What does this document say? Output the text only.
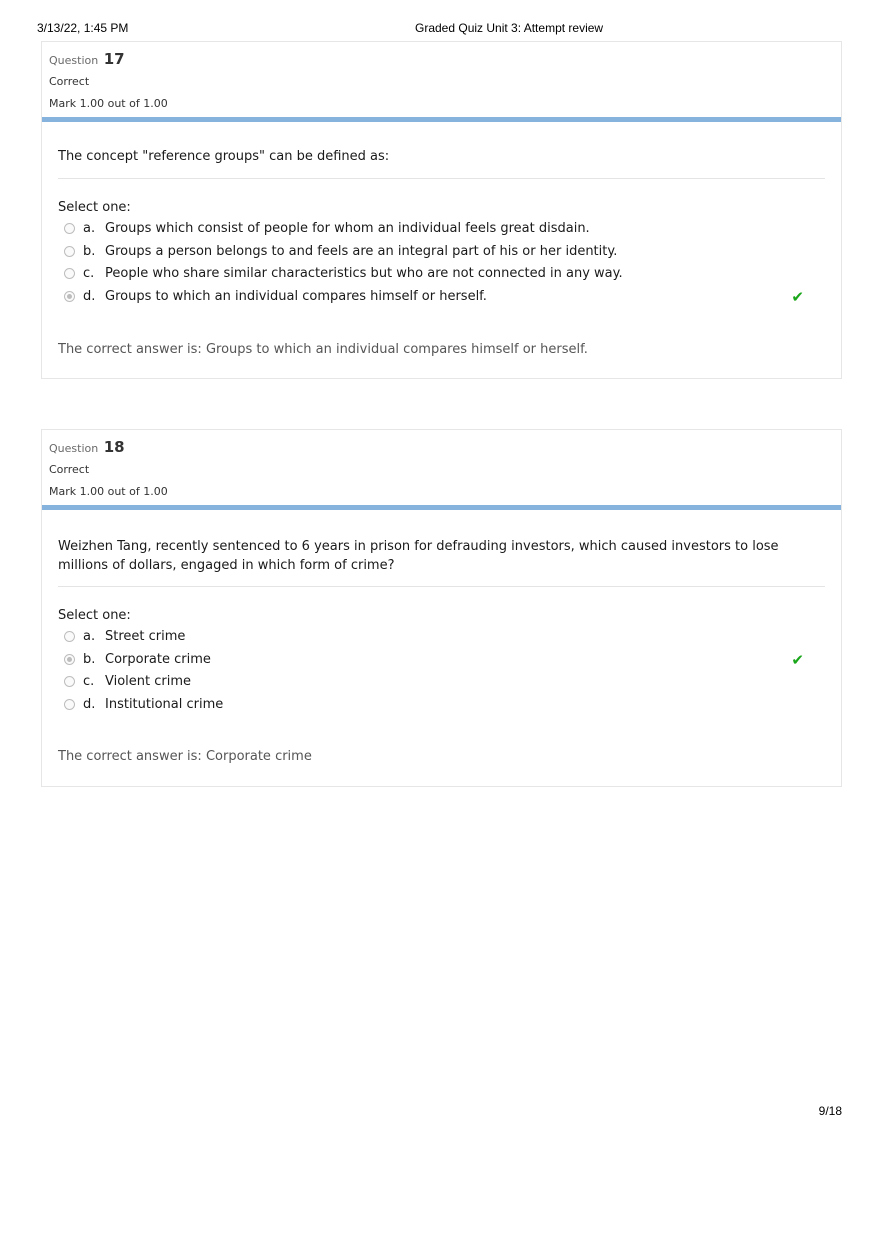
3/13/22, 1:45 PM	Graded Quiz Unit 3: Attempt review
Question 17
Correct
Mark 1.00 out of 1.00
The concept "reference groups" can be defined as:
Select one:
a. Groups which consist of people for whom an individual feels great disdain.
b. Groups a person belongs to and feels are an integral part of his or her identity.
c. People who share similar characteristics but who are not connected in any way.
d. Groups to which an individual compares himself or herself.	✔
The correct answer is: Groups to which an individual compares himself or herself.
Question 18
Correct
Mark 1.00 out of 1.00
Weizhen Tang, recently sentenced to 6 years in prison for defrauding investors, which caused investors to lose millions of dollars, engaged in which form of crime?
Select one:
a. Street crime
b. Corporate crime	✔
c. Violent crime
d. Institutional crime
The correct answer is: Corporate crime
9/18
